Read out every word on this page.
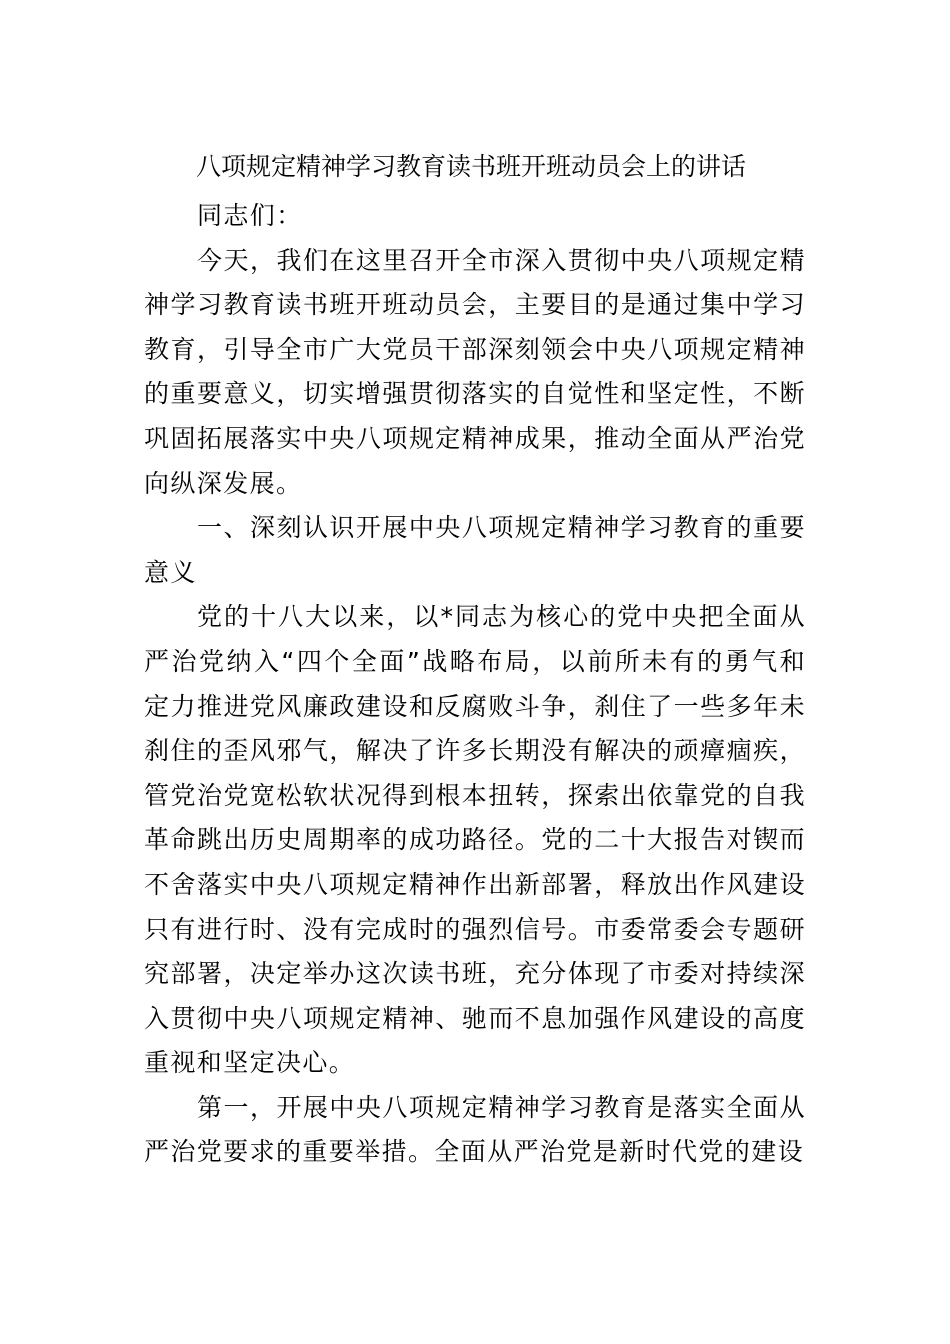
八项规定精神学习教育读书班开班动员会上的讲话

同志们：

今天，我们在这里召开全市深入贯彻中央八项规定精神学习教育读书班开班动员会，主要目的是通过集中学习教育，引导全市广大党员干部深刻领会中央八项规定精神的重要意义，切实增强贯彻落实的自觉性和坚定性，不断巩固拓展落实中央八项规定精神成果，推动全面从严治党向纵深发展。

一、深刻认识开展中央八项规定精神学习教育的重要意义

党的十八大以来，以*同志为核心的党中央把全面从严治党纳入“四个全面”战略布局，以前所未有的勇气和定力推进党风廉政建设和反腐败斗争，刹住了一些多年未刹住的歪风邪气，解决了许多长期没有解决的顽瘴痼疾，管党治党宽松软状况得到根本扭转，探索出依靠党的自我革命跳出历史周期率的成功路径。党的二十大报告对锲而不舍落实中央八项规定精神作出新部署，释放出作风建设只有进行时、没有完成时的强烈信号。市委常委会专题研究部署，决定举办这次读书班，充分体现了市委对持续深入贯彻中央八项规定精神、驰而不息加强作风建设的高度重视和坚定决心。

第一，开展中央八项规定精神学习教育是落实全面从严治党要求的重要举措。全面从严治党是新时代党的建设
